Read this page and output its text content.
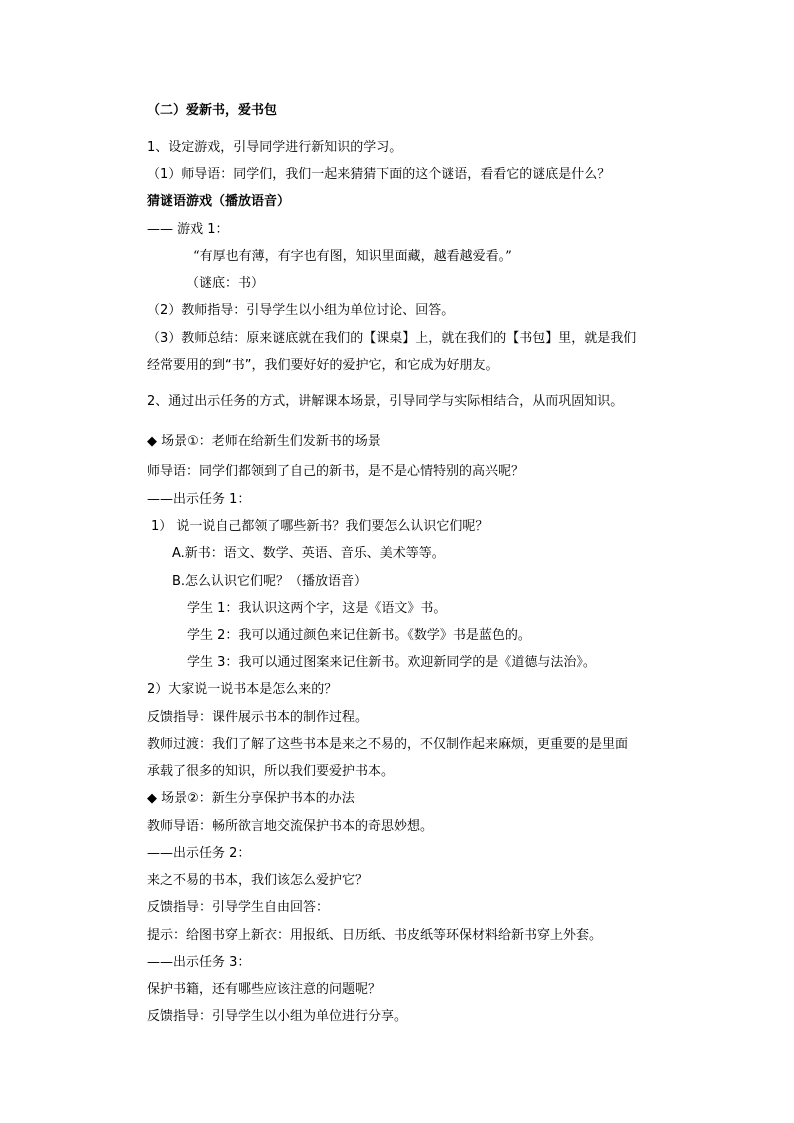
（二）爱新书，爱书包
1、设定游戏，引导同学进行新知识的学习。
（1）师导语：同学们，我们一起来猜猜下面的这个谜语，看看它的谜底是什么？
猜谜语游戏（播放语音）
—— 游戏 1：
“有厚也有薄，有字也有图，知识里面藏，越看越爱看。”
（谜底：书）
（2）教师指导：引导学生以小组为单位讨论、回答。
（3）教师总结：原来谜底就在我们的【课桌】上，就在我们的【书包】里，就是我们
经常要用的到“书”，我们要好好的爱护它，和它成为好朋友。
2、通过出示任务的方式，讲解课本场景，引导同学与实际相结合，从而巩固知识。
◆ 场景①：老师在给新生们发新书的场景
师导语：同学们都领到了自己的新书，是不是心情特别的高兴呢？
——出示任务 1：
1） 说一说自己都领了哪些新书？我们要怎么认识它们呢？
A.新书：语文、数学、英语、音乐、美术等等。
B.怎么认识它们呢？（播放语音）
学生 1：我认识这两个字，这是《语文》书。
学生 2：我可以通过颜色来记住新书。《数学》书是蓝色的。
学生 3：我可以通过图案来记住新书。欢迎新同学的是《道德与法治》。
2）大家说一说书本是怎么来的？
反馈指导：课件展示书本的制作过程。
教师过渡：我们了解了这些书本是来之不易的，不仅制作起来麻烦，更重要的是里面
承载了很多的知识，所以我们要爱护书本。
◆ 场景②：新生分享保护书本的办法
教师导语：畅所欲言地交流保护书本的奇思妙想。
——出示任务 2：
来之不易的书本，我们该怎么爱护它？
反馈指导：引导学生自由回答：
提示：给图书穿上新衣：用报纸、日历纸、书皮纸等环保材料给新书穿上外套。
——出示任务 3：
保护书籍，还有哪些应该注意的问题呢？
反馈指导：引导学生以小组为单位进行分享。
